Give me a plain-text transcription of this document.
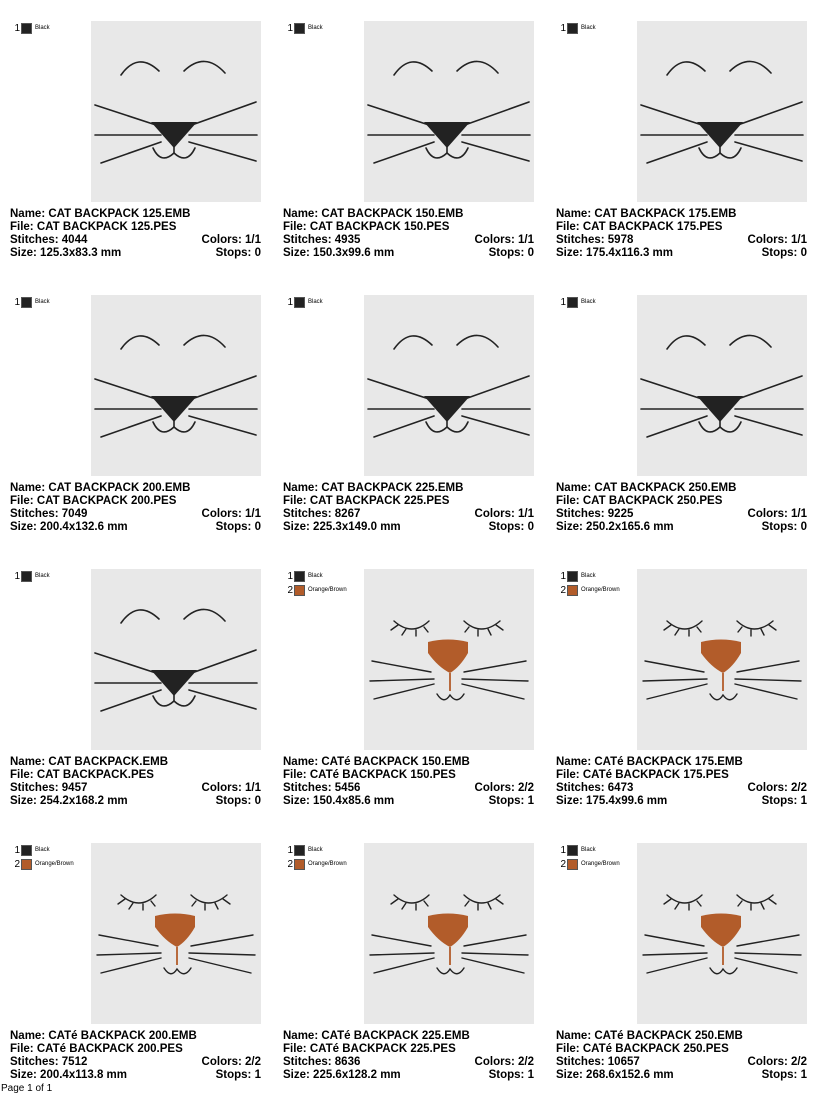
1	Black
Name: CAT BACKPACK 125.EMB
File: CAT BACKPACK 125.PES
Stitches: 4044	Colors: 1/1
Size: 125.3x83.3 mm	Stops: 0
1	Black
Name: CAT BACKPACK 150.EMB
File: CAT BACKPACK 150.PES
Stitches: 4935	Colors: 1/1
Size: 150.3x99.6 mm	Stops: 0
1	Black
Name: CAT BACKPACK 175.EMB
File: CAT BACKPACK 175.PES
Stitches: 5978	Colors: 1/1
Size: 175.4x116.3 mm	Stops: 0
1	Black
Name: CAT BACKPACK 200.EMB
File: CAT BACKPACK 200.PES
Stitches: 7049	Colors: 1/1
Size: 200.4x132.6 mm	Stops: 0
1	Black
Name: CAT BACKPACK 225.EMB
File: CAT BACKPACK 225.PES
Stitches: 8267	Colors: 1/1
Size: 225.3x149.0 mm	Stops: 0
1	Black
Name: CAT BACKPACK 250.EMB
File: CAT BACKPACK 250.PES
Stitches: 9225	Colors: 1/1
Size: 250.2x165.6 mm	Stops: 0
1	Black
Name: CAT BACKPACK.EMB
File: CAT BACKPACK.PES
Stitches: 9457	Colors: 1/1
Size: 254.2x168.2 mm	Stops: 0
1	Black
2	Orange/Brown
Name: CATé BACKPACK 150.EMB
File: CATé BACKPACK 150.PES
Stitches: 5456	Colors: 2/2
Size: 150.4x85.6 mm	Stops: 1
1	Black
2	Orange/Brown
Name: CATé BACKPACK 175.EMB
File: CATé BACKPACK 175.PES
Stitches: 6473	Colors: 2/2
Size: 175.4x99.6 mm	Stops: 1
1	Black
2	Orange/Brown
Name: CATé BACKPACK 200.EMB
File: CATé BACKPACK 200.PES
Stitches: 7512	Colors: 2/2
Size: 200.4x113.8 mm	Stops: 1
1	Black
2	Orange/Brown
Name: CATé BACKPACK 225.EMB
File: CATé BACKPACK 225.PES
Stitches: 8636	Colors: 2/2
Size: 225.6x128.2 mm	Stops: 1
1	Black
2	Orange/Brown
Name: CATé BACKPACK 250.EMB
File: CATé BACKPACK 250.PES
Stitches: 10657	Colors: 2/2
Size: 268.6x152.6 mm	Stops: 1
Page 1 of 1
